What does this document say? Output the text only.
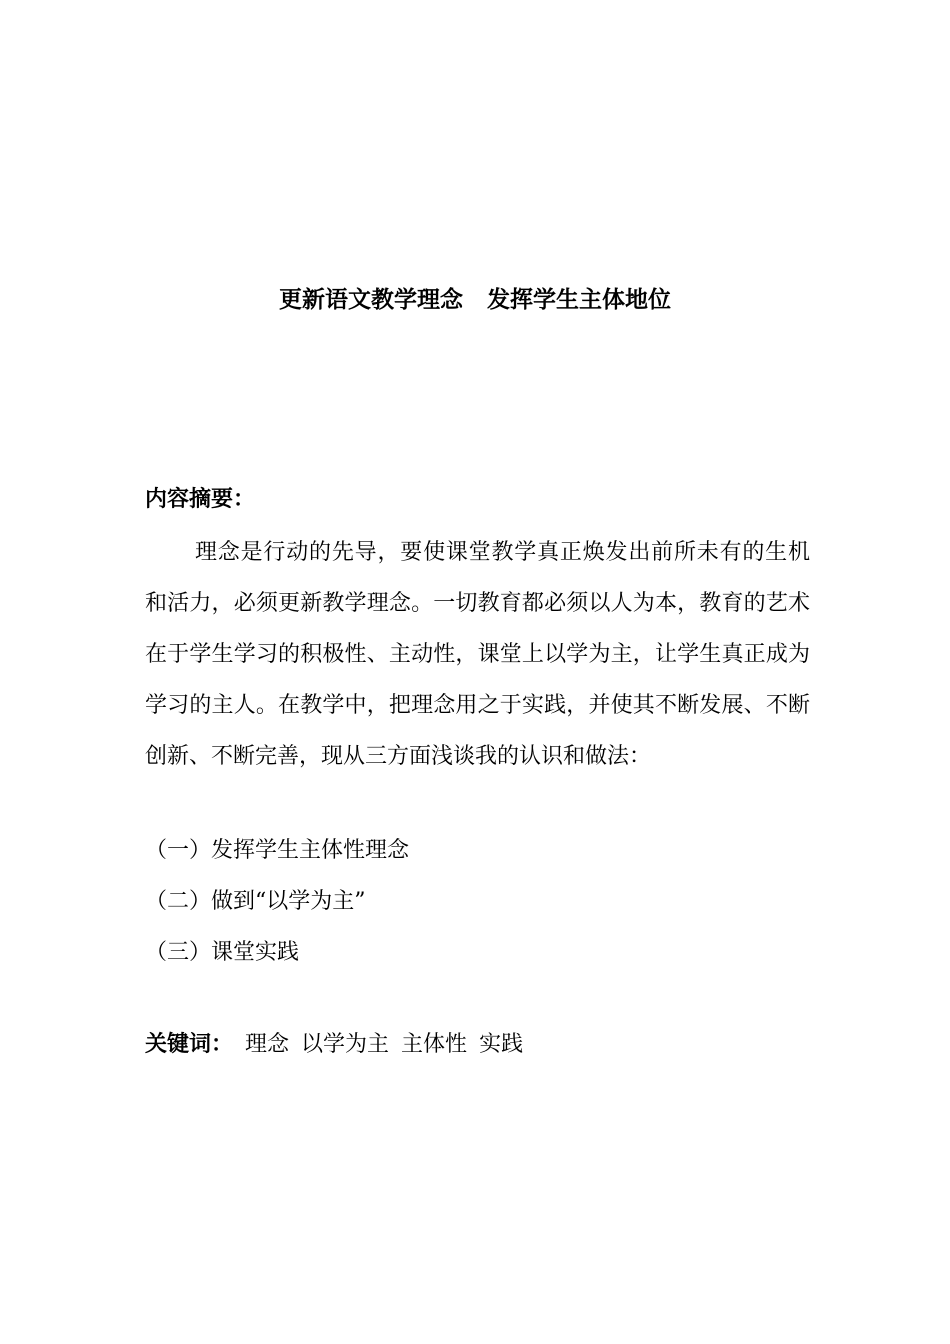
更新语文教学理念   发挥学生主体地位
内容摘要：

理念是行动的先导，要使课堂教学真正焕发出前所未有的生机和活力，必须更新教学理念。一切教育都必须以人为本，教育的艺术在于学生学习的积极性、主动性，课堂上以学为主，让学生真正成为学习的主人。在教学中，把理念用之于实践，并使其不断发展、不断创新、不断完善，现从三方面浅谈我的认识和做法：

（一）发挥学生主体性理念
（二）做到“以学为主”
（三）课堂实践
关键词： 理念 以学为主 主体性 实践
